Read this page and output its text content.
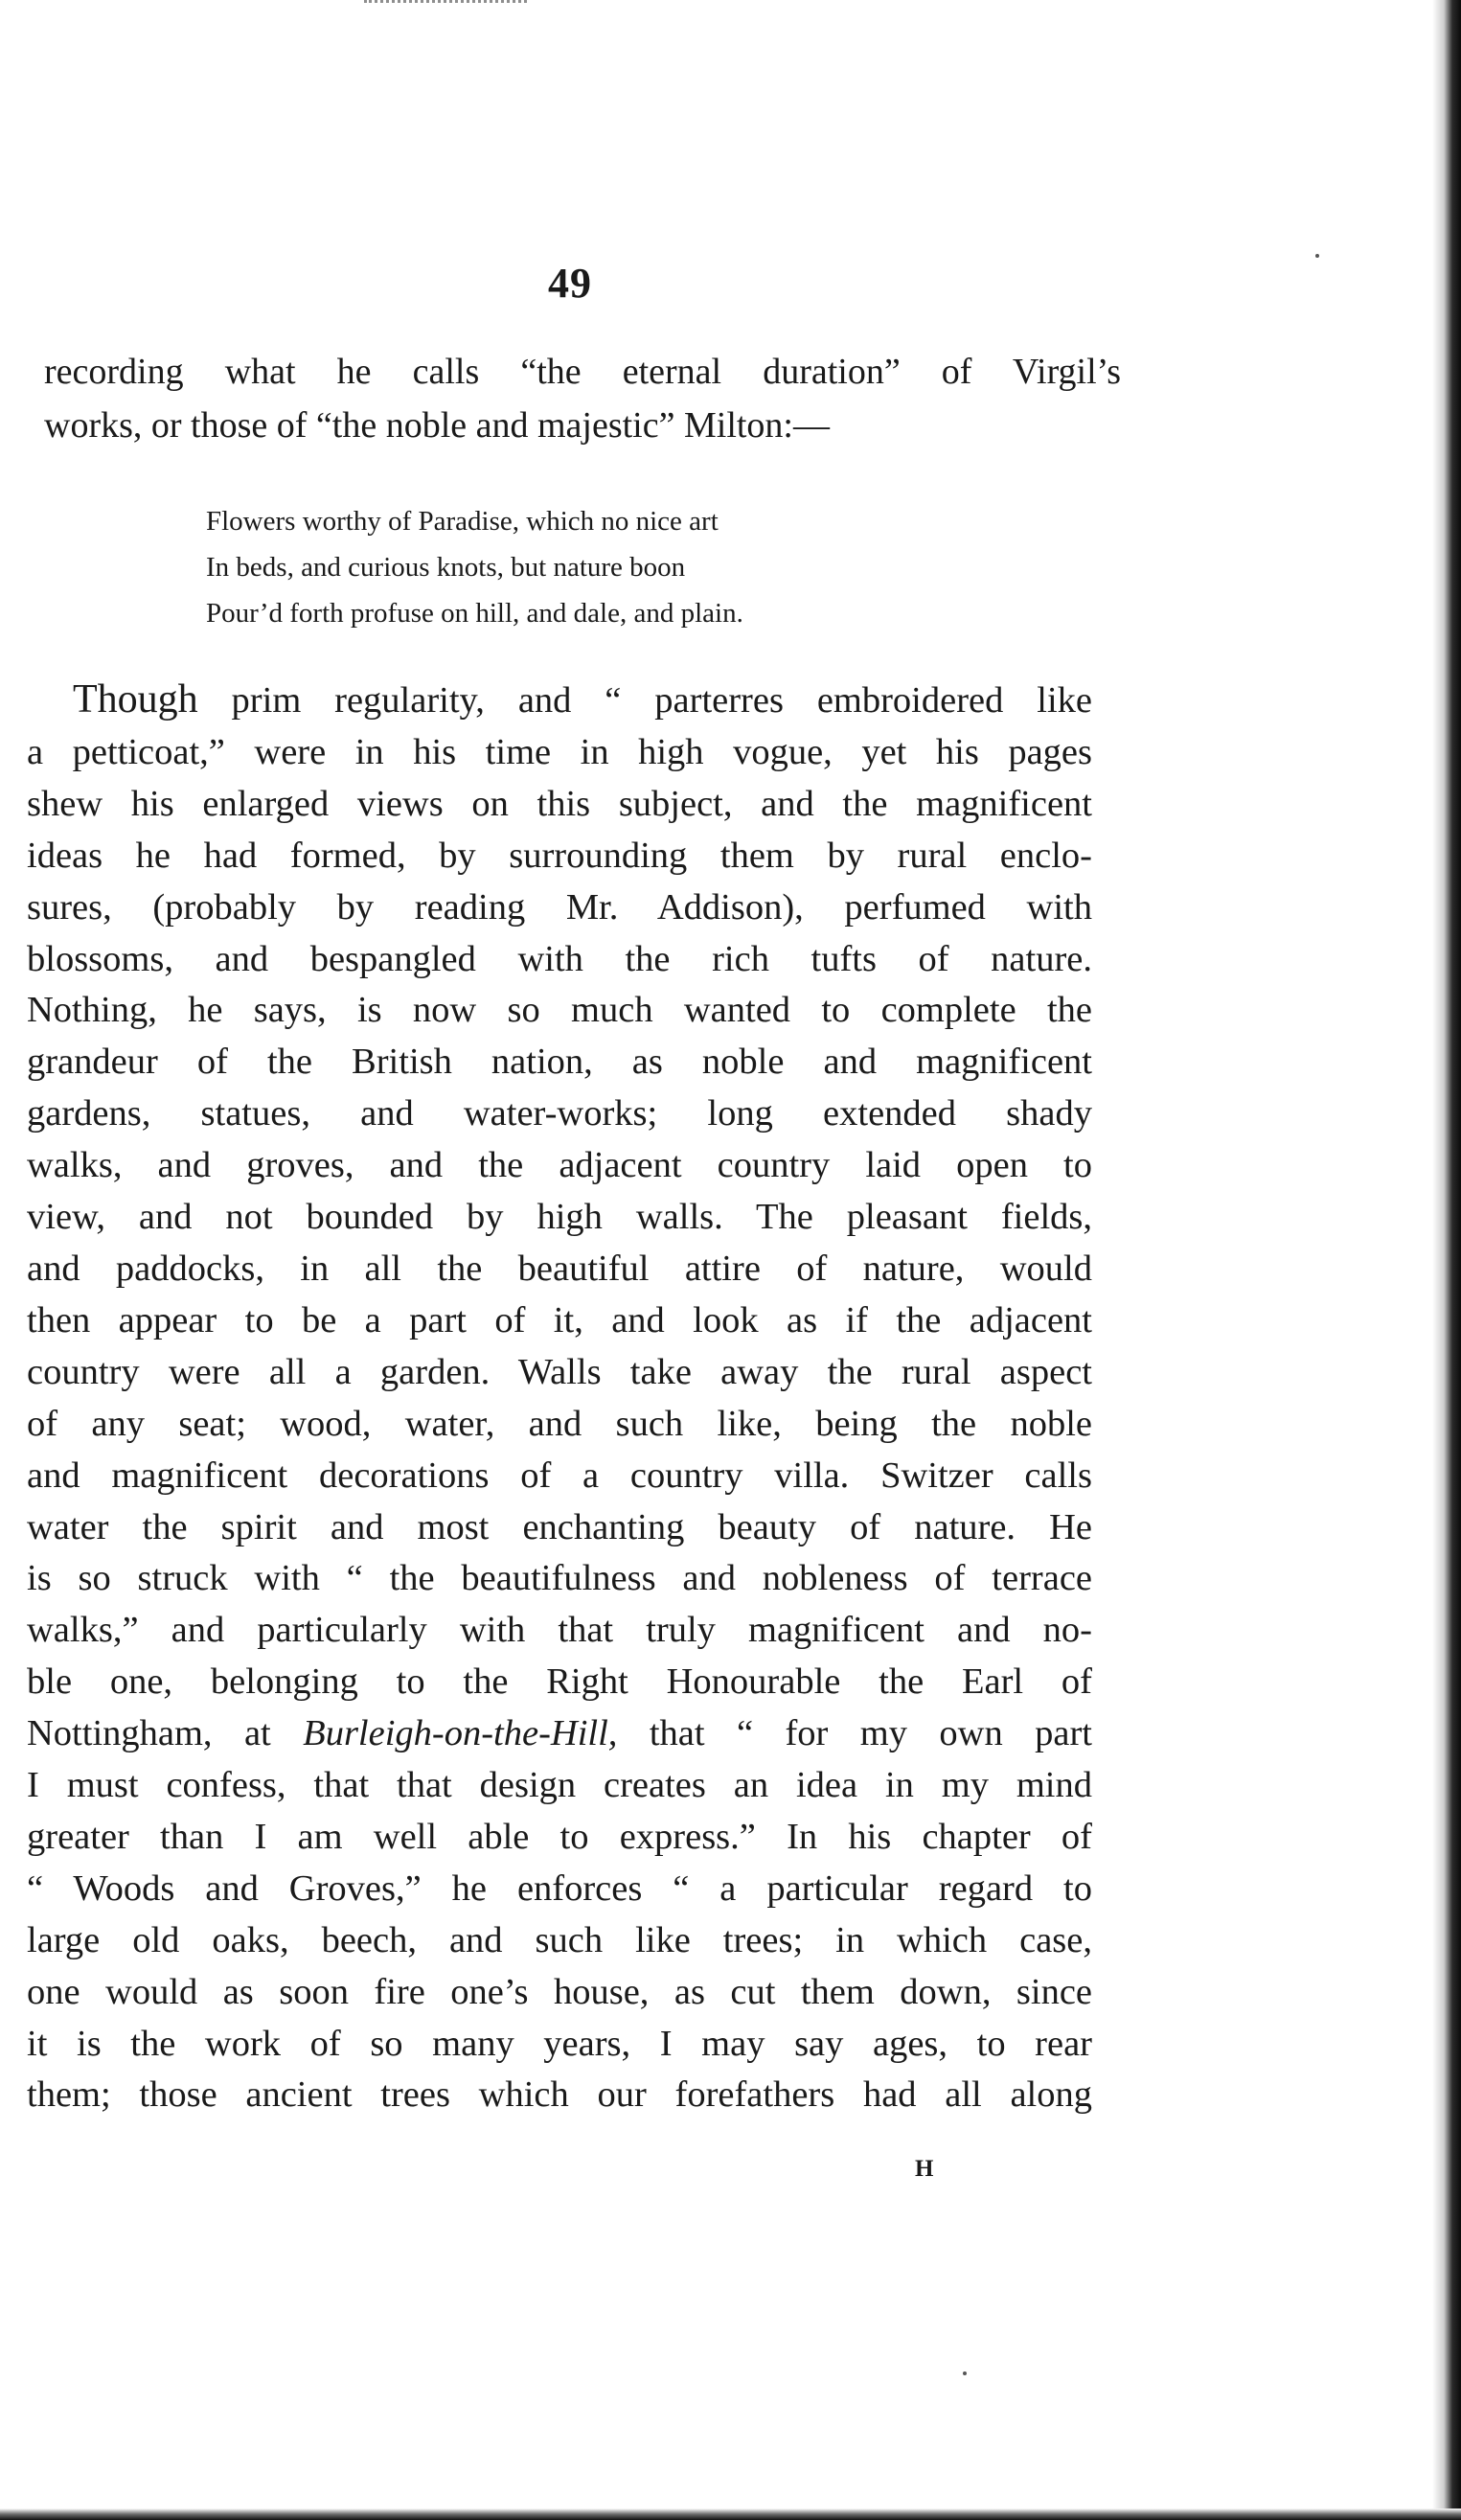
49
recording what he calls “the eternal duration” of Virgil’s
works, or those of “the noble and majestic” Milton:—
Flowers worthy of Paradise, which no nice art
In beds, and curious knots, but nature boon
Pour’d forth profuse on hill, and dale, and plain.
Though prim regularity, and “ parterres embroidered like
a petticoat,” were in his time in high vogue, yet his pages
shew his enlarged views on this subject, and the magnificent
ideas he had formed, by surrounding them by rural enclo-
sures, (probably by reading Mr. Addison), perfumed with
blossoms, and bespangled with the rich tufts of nature.
Nothing, he says, is now so much wanted to complete the
grandeur of the British nation, as noble and magnificent
gardens, statues, and water-works; long extended shady
walks, and groves, and the adjacent country laid open to
view, and not bounded by high walls. The pleasant fields,
and paddocks, in all the beautiful attire of nature, would
then appear to be a part of it, and look as if the adjacent
country were all a garden. Walls take away the rural aspect
of any seat; wood, water, and such like, being the noble
and magnificent decorations of a country villa. Switzer calls
water the spirit and most enchanting beauty of nature. He
is so struck with “ the beautifulness and nobleness of terrace
walks,” and particularly with that truly magnificent and no-
ble one, belonging to the Right Honourable the Earl of
Nottingham, at Burleigh-on-the-Hill, that “ for my own part
I must confess, that that design creates an idea in my mind
greater than I am well able to express.” In his chapter of
“ Woods and Groves,” he enforces “ a particular regard to
large old oaks, beech, and such like trees; in which case,
one would as soon fire one’s house, as cut them down, since
it is the work of so many years, I may say ages, to rear
them; those ancient trees which our forefathers had all along
H
